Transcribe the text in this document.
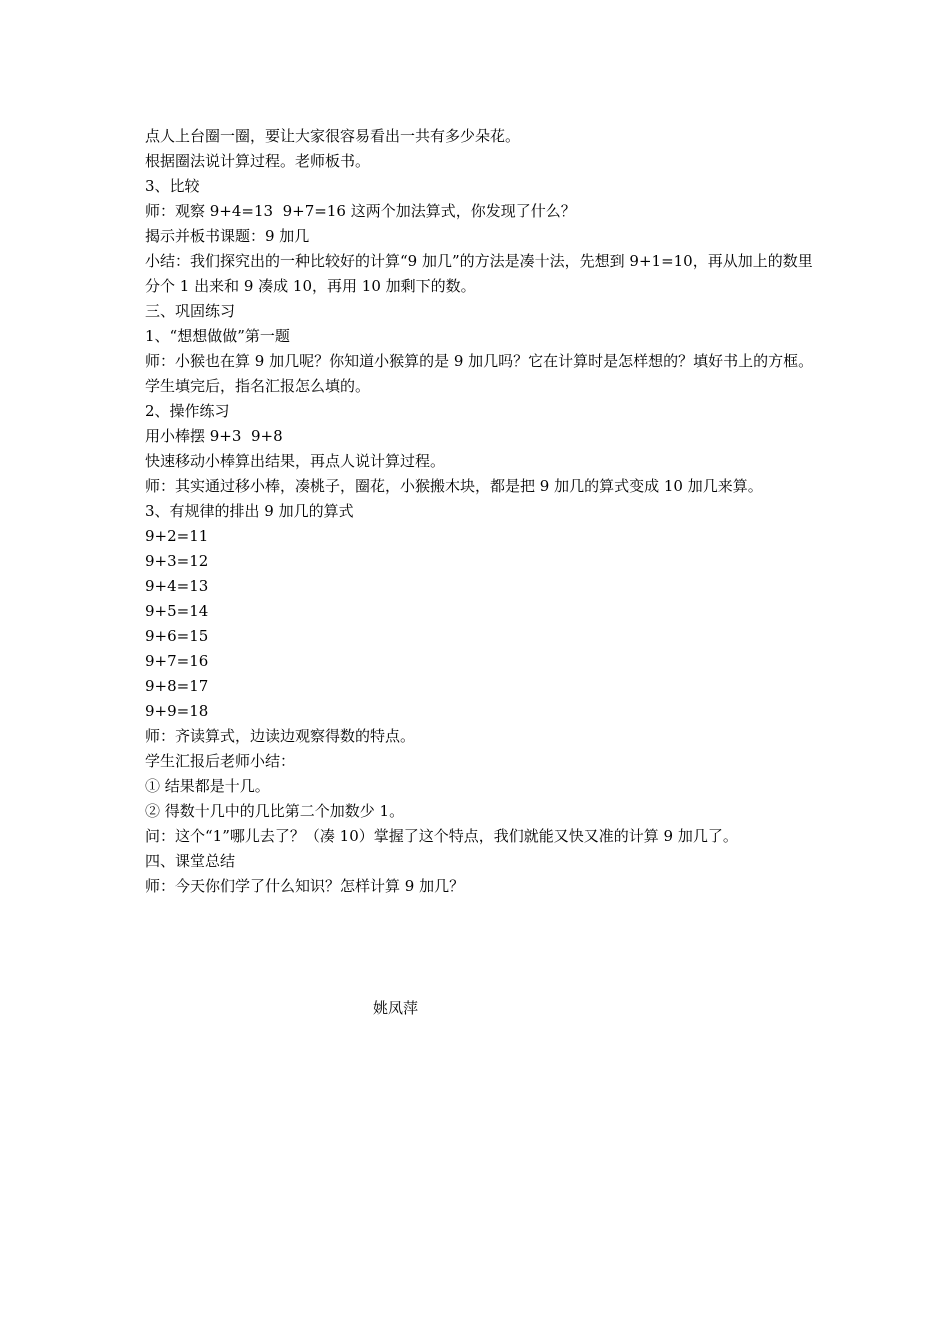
点人上台圈一圈，要让大家很容易看出一共有多少朵花。

根据圈法说计算过程。老师板书。

3、比较

师：观察 9+4=13  9+7=16 这两个加法算式，你发现了什么？

揭示并板书课题：9 加几

小结：我们探究出的一种比较好的计算“9 加几”的方法是凑十法，先想到 9+1=10，再从加上的数里分个 1 出来和 9 凑成 10，再用 10 加剩下的数。

三、巩固练习

1、“想想做做”第一题

师：小猴也在算 9 加几呢？你知道小猴算的是 9 加几吗？它在计算时是怎样想的？填好书上的方框。

学生填完后，指名汇报怎么填的。

2、操作练习

用小棒摆 9+3  9+8

快速移动小棒算出结果，再点人说计算过程。

师：其实通过移小棒，凑桃子，圈花，小猴搬木块，都是把 9 加几的算式变成 10 加几来算。

3、有规律的排出 9 加几的算式

9+2=11

9+3=12

9+4=13

9+5=14

9+6=15

9+7=16

9+8=17

9+9=18

师：齐读算式，边读边观察得数的特点。

学生汇报后老师小结：

① 结果都是十几。

② 得数十几中的几比第二个加数少 1。

问：这个“1”哪儿去了？（凑 10）掌握了这个特点，我们就能又快又准的计算 9 加几了。

四、课堂总结

师：今天你们学了什么知识？怎样计算 9 加几？

姚凤萍
